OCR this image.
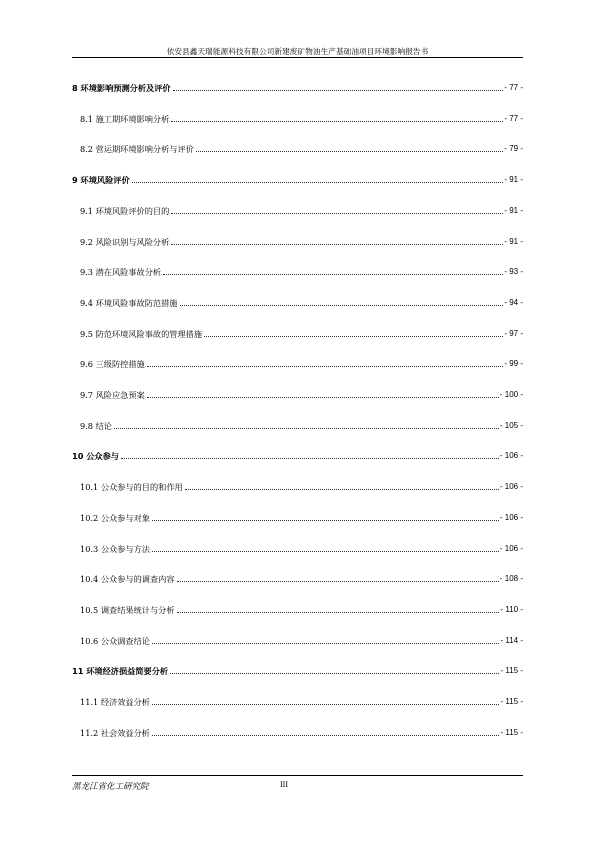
依安县鑫天瑞能源科技有限公司新建废矿物油生产基础油项目环境影响报告书
8 环境影响预测分析及评价	- 77 -
8.1 施工期环境影响分析	- 77 -
8.2 营运期环境影响分析与评价	- 79 -
9 环境风险评价	- 91 -
9.1 环境风险评价的目的	- 91 -
9.2 风险识别与风险分析	- 91 -
9.3 潜在风险事故分析	- 93 -
9.4 环境风险事故防范措施	- 94 -
9.5 防范环境风险事故的管理措施	- 97 -
9.6 三级防控措施	- 99 -
9.7 风险应急预案	- 100 -
9.8 结论	- 105 -
10 公众参与	- 106 -
10.1 公众参与的目的和作用	- 106 -
10.2 公众参与对象	- 106 -
10.3 公众参与方法	- 106 -
10.4 公众参与的调查内容	- 108 -
10.5 调查结果统计与分析	- 110 -
10.6 公众调查结论	- 114 -
11 环境经济损益简要分析	- 115 -
11.1 经济效益分析	- 115 -
11.2 社会效益分析	- 115 -
黑龙江省化工研究院	III
